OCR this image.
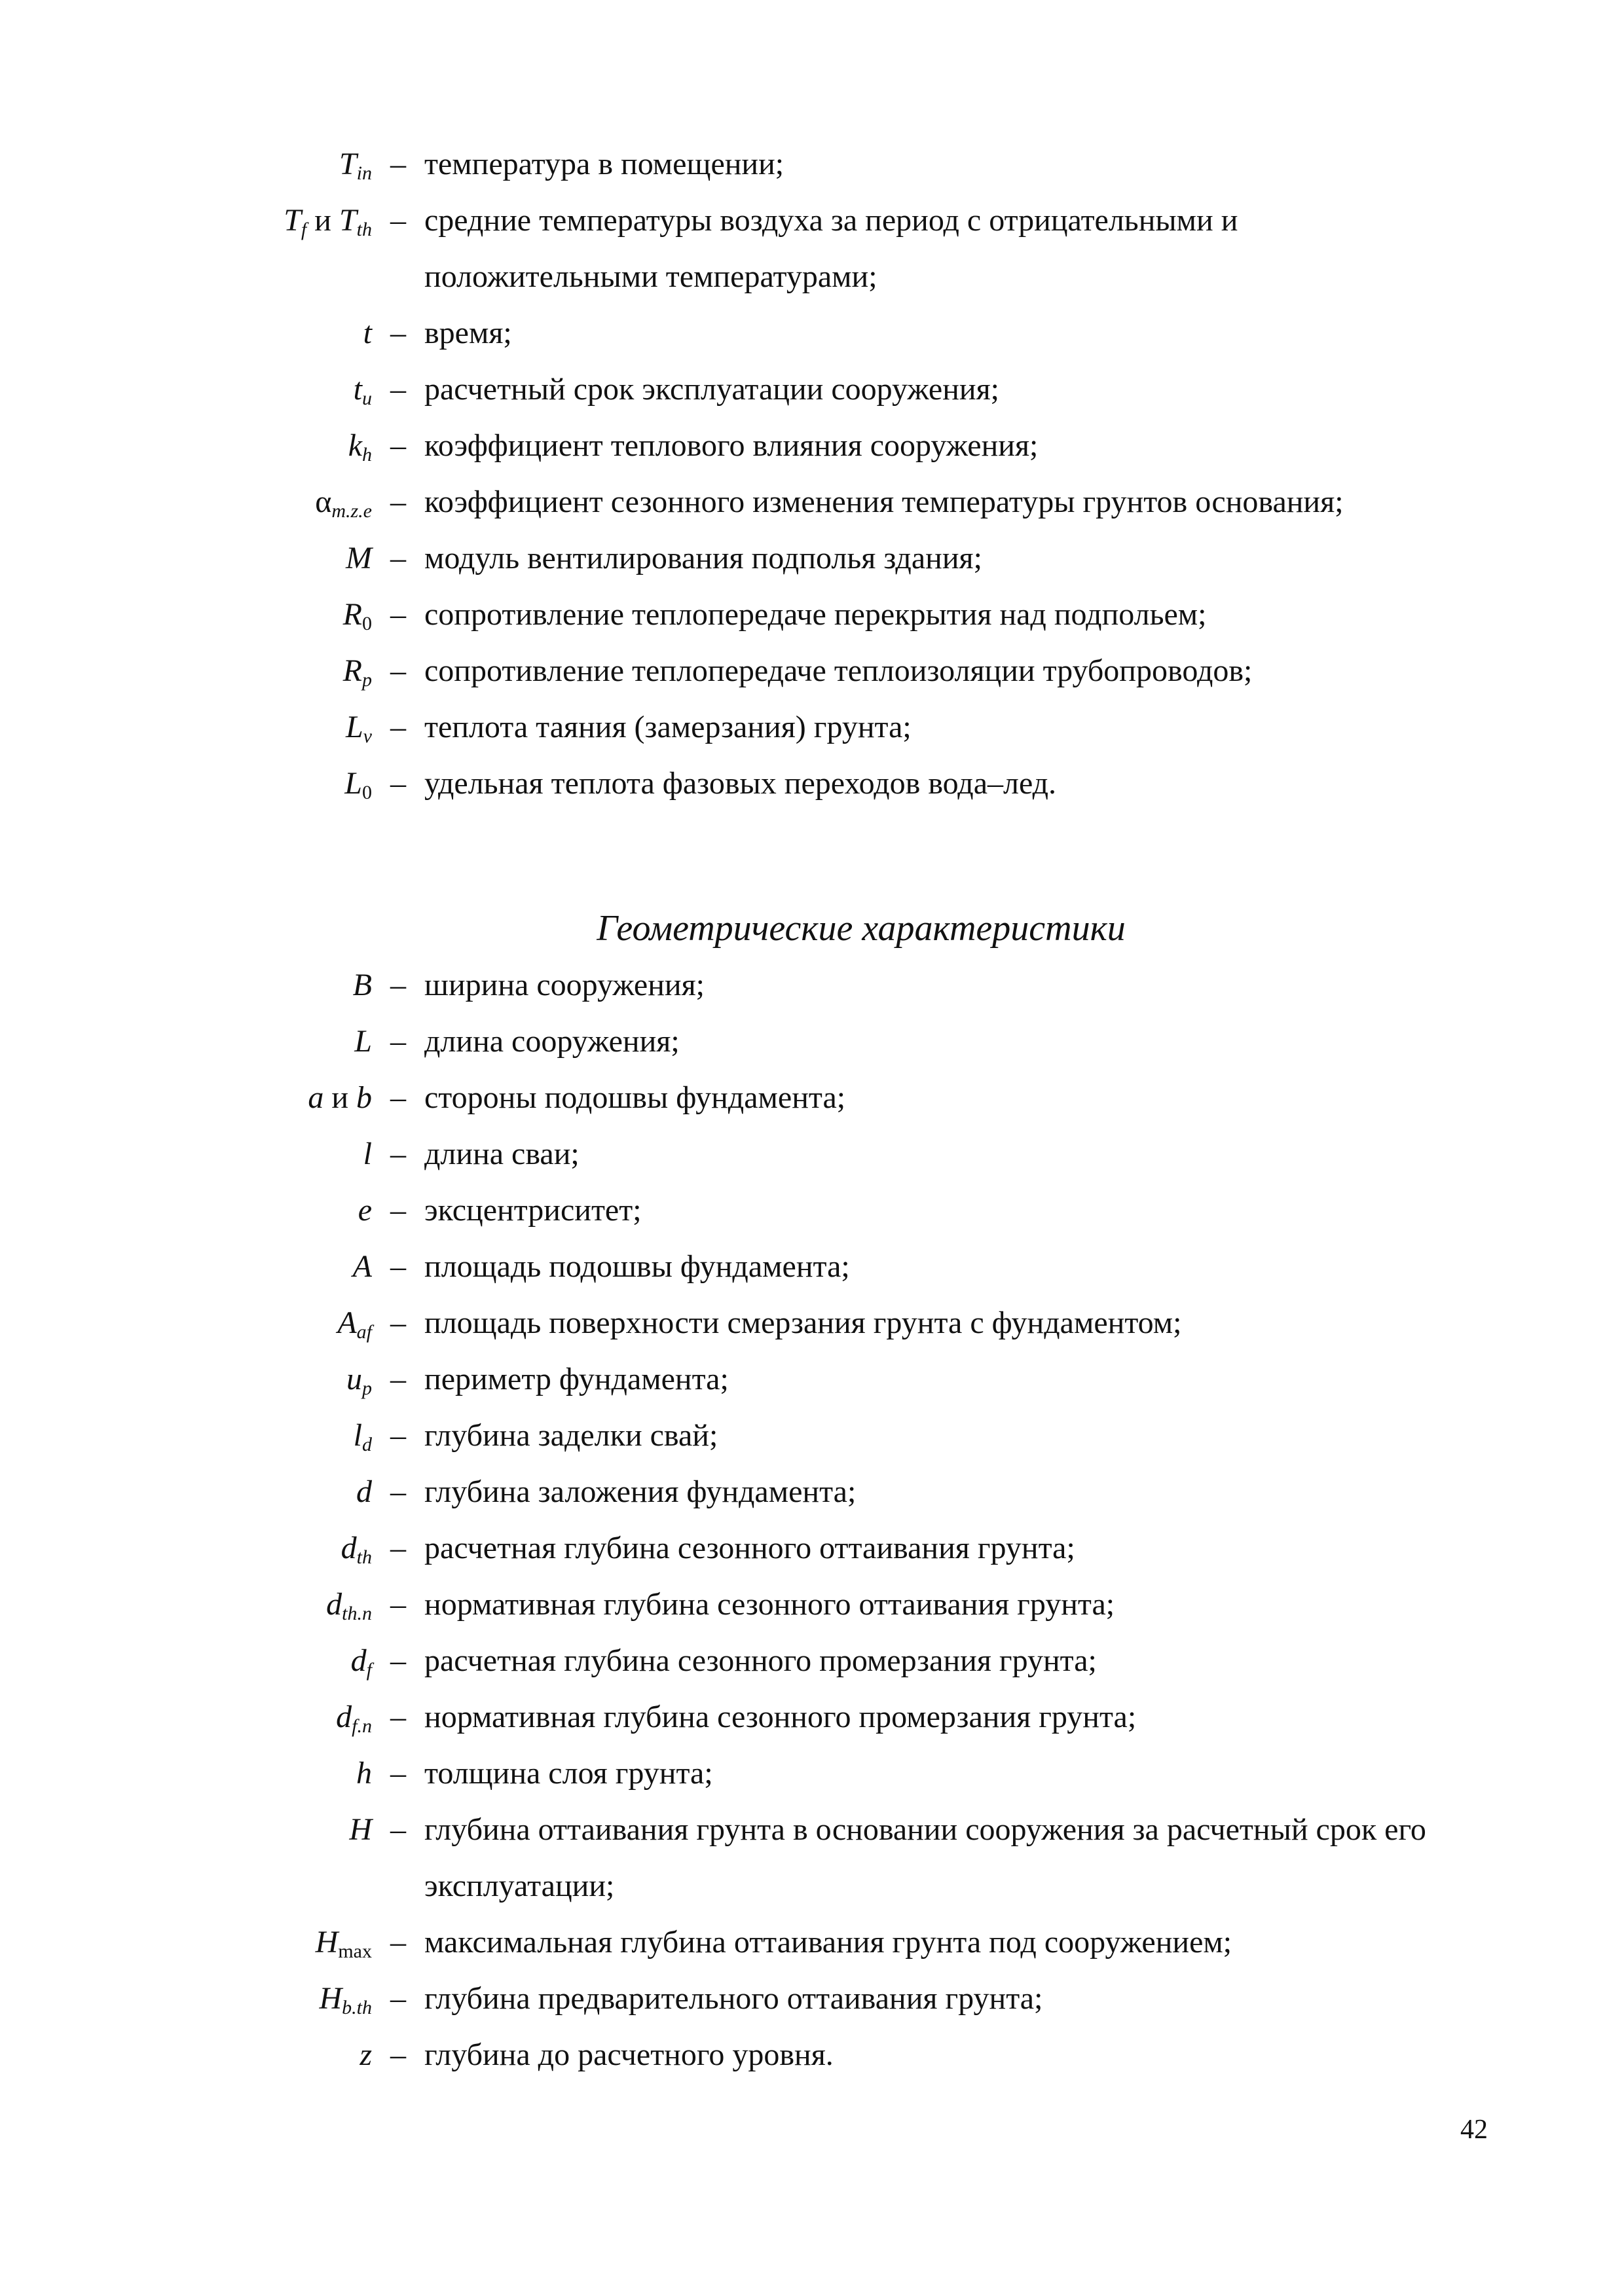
$T_{in}$ – температура в помещении;
$T_f$ и $T_{th}$ – средние температуры воздуха за период с отрицательными и
положительными температурами;
t – время;
$t_u$ – расчетный срок эксплуатации сооружения;
$k_h$ – коэффициент теплового влияния сооружения;
$\alpha_{m.z.e}$ – коэффициент сезонного изменения температуры грунтов основания;
M – модуль вентилирования подполья здания;
$R_0$ – сопротивление теплопередаче перекрытия над подпольем;
$R_p$ – сопротивление теплопередаче теплоизоляции трубопроводов;
$L_v$ – теплота таяния (замерзания) грунта;
$L_0$ – удельная теплота фазовых переходов вода–лед.
Геометрические характеристики
B – ширина сооружения;
L – длина сооружения;
a и b – стороны подошвы фундамента;
l – длина сваи;
e – эксцентриситет;
A – площадь подошвы фундамента;
$A_{af}$ – площадь поверхности смерзания грунта с фундаментом;
$u_p$ – периметр фундамента;
$l_d$ – глубина заделки свай;
d – глубина заложения фундамента;
$d_{th}$ – расчетная глубина сезонного оттаивания грунта;
$d_{th.n}$ – нормативная глубина сезонного оттаивания грунта;
$d_f$ – расчетная глубина сезонного промерзания грунта;
$d_{f.n}$ – нормативная глубина сезонного промерзания грунта;
h – толщина слоя грунта;
H – глубина оттаивания грунта в основании сооружения за расчетный срок его
эксплуатации;
$H_{max}$ – максимальная глубина оттаивания грунта под сооружением;
$H_{b.th}$ – глубина предварительного оттаивания грунта;
z – глубина до расчетного уровня.
42
